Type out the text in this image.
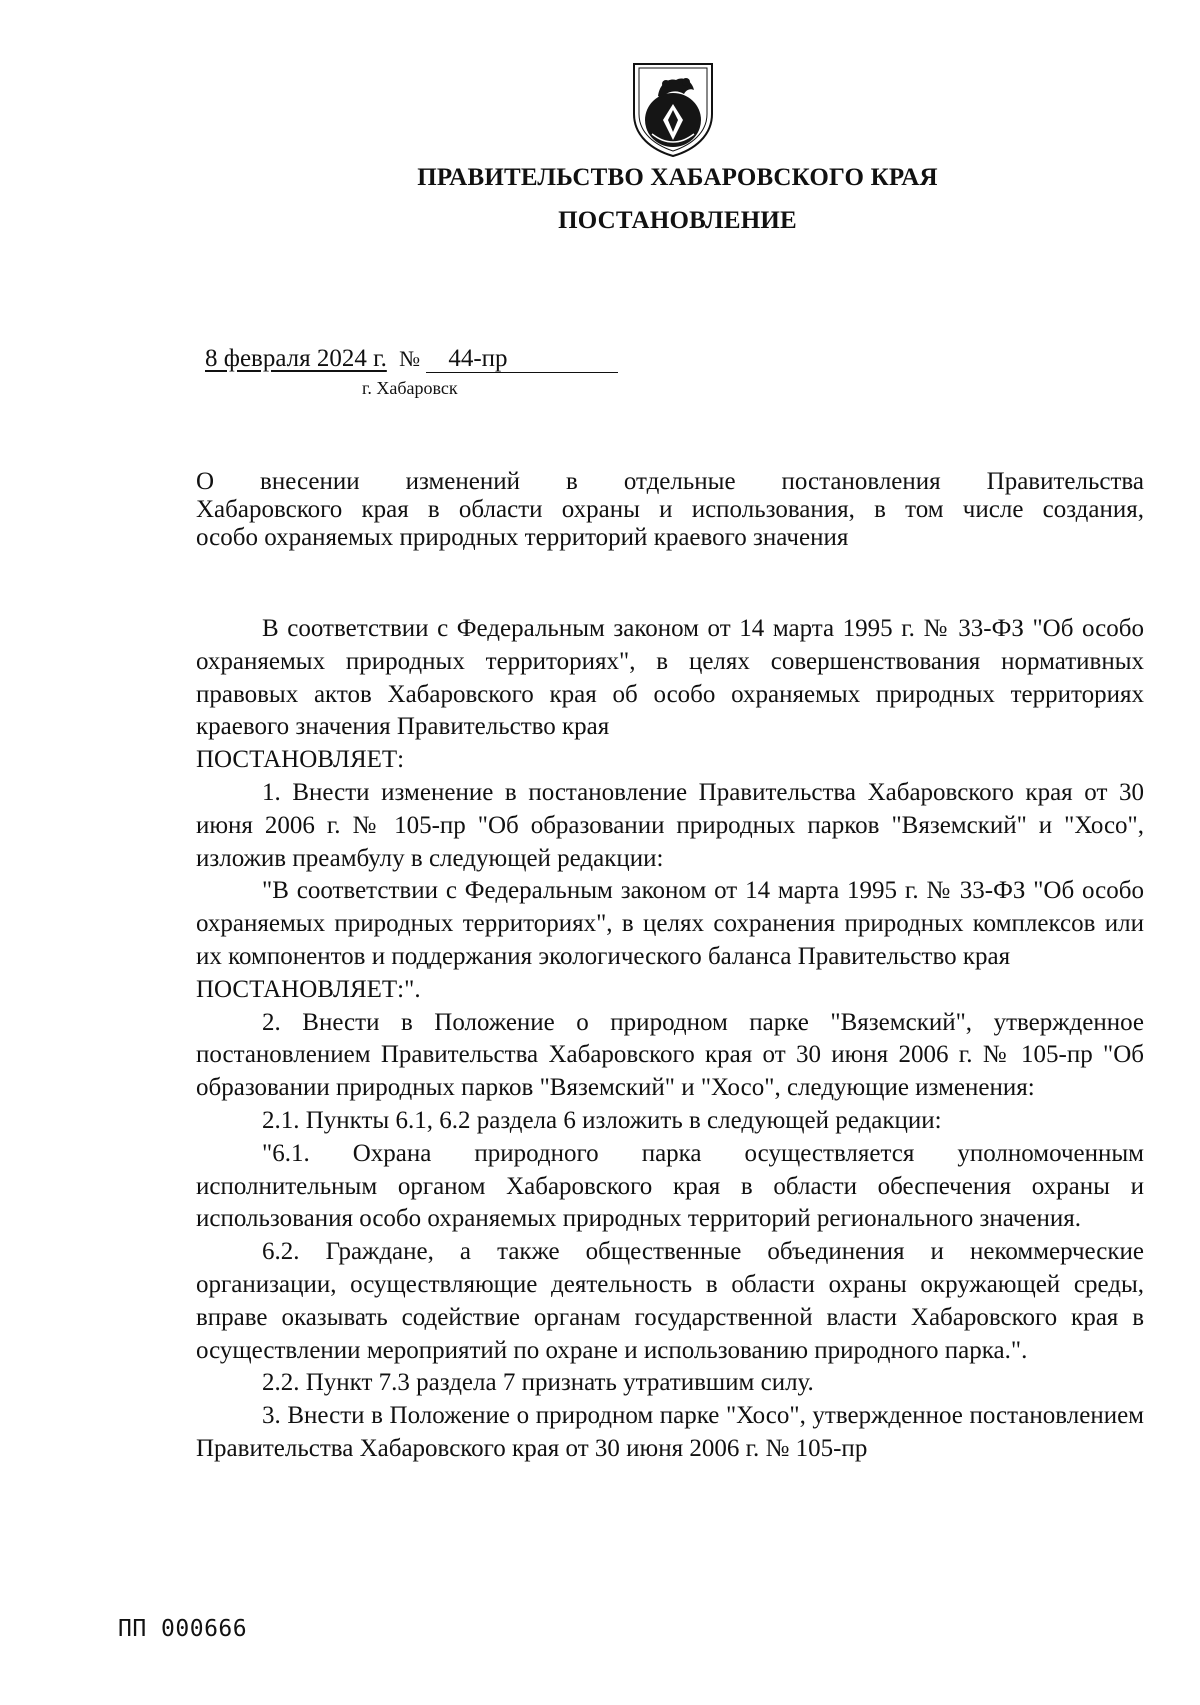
ПРАВИТЕЛЬСТВО ХАБАРОВСКОГО КРАЯ
ПОСТАНОВЛЕНИЕ
8 февраля 2024 г. № 44-пр
г. Хабаровск
О внесении изменений в отдельные постановления Правительства
Хабаровского края в области охраны и использования, в том числе создания,
особо охраняемых природных территорий краевого значения

В соответствии с Федеральным законом от 14 марта 1995 г. № 33-ФЗ "Об особо охраняемых природных территориях", в целях совершенствования нормативных правовых актов Хабаровского края об особо охраняемых природных территориях краевого значения Правительство края

ПОСТАНОВЛЯЕТ:

1. Внести изменение в постановление Правительства Хабаровского края от 30 июня 2006 г. № 105-пр "Об образовании природных парков "Вяземский" и "Хосо", изложив преамбулу в следующей редакции:

"В соответствии с Федеральным законом от 14 марта 1995 г. № 33-ФЗ "Об особо охраняемых природных территориях", в целях сохранения природных комплексов или их компонентов и поддержания экологического баланса Правительство края

ПОСТАНОВЛЯЕТ:".

2. Внести в Положение о природном парке "Вяземский", утвержденное постановлением Правительства Хабаровского края от 30 июня 2006 г. № 105-пр "Об образовании природных парков "Вяземский" и "Хосо", следующие изменения:

2.1. Пункты 6.1, 6.2 раздела 6 изложить в следующей редакции:

"6.1. Охрана природного парка осуществляется уполномоченным исполнительным органом Хабаровского края в области обеспечения охраны и использования особо охраняемых природных территорий регионального значения.

6.2. Граждане, а также общественные объединения и некоммерческие организации, осуществляющие деятельность в области охраны окружающей среды, вправе оказывать содействие органам государственной власти Хабаровского края в осуществлении мероприятий по охране и использованию природного парка.".

2.2. Пункт 7.3 раздела 7 признать утратившим силу.

3. Внести в Положение о природном парке "Хосо", утвержденное постановлением Правительства Хабаровского края от 30 июня 2006 г. № 105-пр

ПП 000666
